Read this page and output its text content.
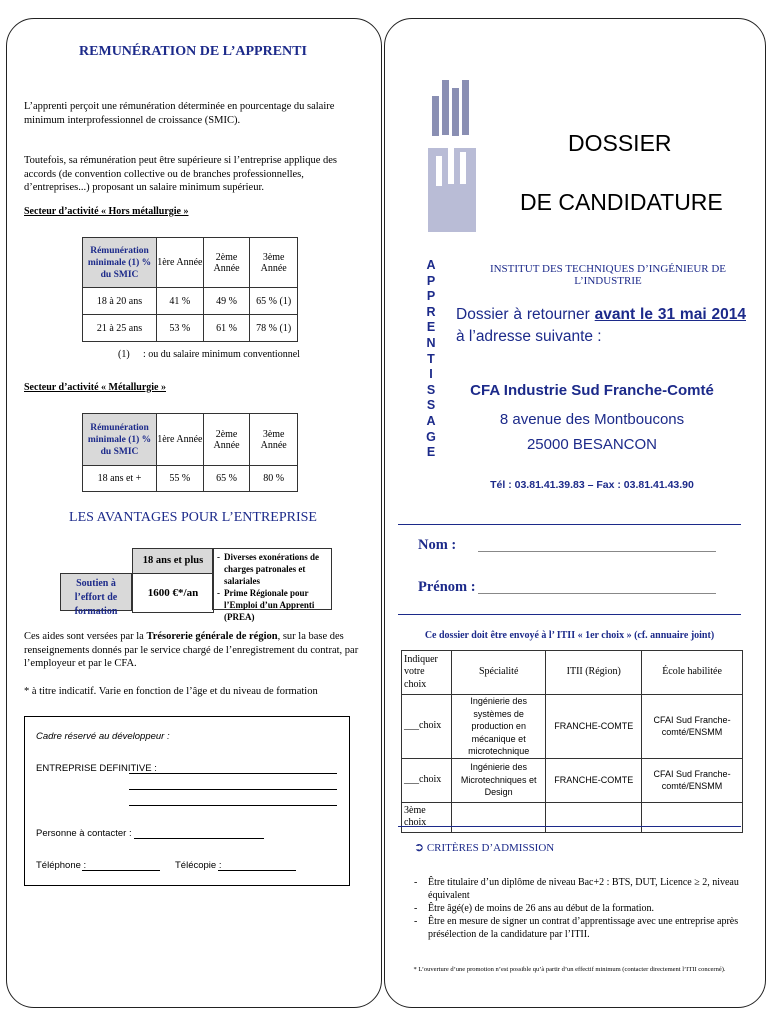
REMUNÉRATION DE L’APPRENTI
L’apprenti perçoit une rémunération déterminée en pourcentage du salaire minimum interprofessionnel de croissance (SMIC).
Toutefois, sa rémunération peut être supérieure si l’entreprise applique des accords (de convention collective ou de branches professionnelles, d’entreprises...) proposant un salaire minimum supérieur.
Secteur d’activité « Hors métallurgie »
Rémunération minimale (1) % du SMIC	1ère Année	2ème Année	3ème Année
18 à 20 ans	41 %	49 %	65 % (1)
21 à 25 ans	53 %	61 %	78 % (1)
(1) : ou du salaire minimum conventionnel
Secteur d’activité « Métallurgie »
Rémunération minimale (1) % du SMIC	1ère Année	2ème Année	3ème Année
18 ans et +	55 %	65 %	80 %
LES AVANTAGES POUR L’ENTREPRISE
18 ans et plus
Soutien à l’effort de formation
1600 €*/an
- Diverses exonérations de charges patronales et salariales
- Prime Régionale pour l’Emploi d’un Apprenti (PREA)
Ces aides sont versées par la Trésorerie générale de région, sur la base des renseignements donnés par le service chargé de l’enregistrement du contrat, par l’employeur et par le CFA.
* à titre indicatif. Varie en fonction de l’âge et du niveau de formation
Cadre réservé au développeur :
ENTREPRISE DEFINITIVE :
Personne à contacter :
Téléphone :	Télécopie :
DOSSIER
DE CANDIDATURE
A
P
P
R
E
N
T
I
S
S
A
G
E
INSTITUT DES TECHNIQUES D’INGÉNIEUR DE L’INDUSTRIE
Dossier à retourner avant le 31 mai 2014 à l’adresse suivante :
CFA Industrie Sud Franche-Comté
8 avenue des Montboucons
25000 BESANCON
Tél : 03.81.41.39.83 – Fax : 03.81.41.43.90
Nom :
Prénom :
Ce dossier doit être envoyé à l’ ITII « 1er choix » (cf. annuaire joint)
Indiquer votre choix	Spécialité	ITII (Région)	École habilitée
___choix	Ingénierie des systèmes de production en mécanique et microtechnique	FRANCHE-COMTE	CFAI Sud Franche-comté/ENSMM
___choix	Ingénierie des Microtechniques et Design	FRANCHE-COMTE	CFAI Sud Franche-comté/ENSMM
3ème choix			
➲ CRITÈRES D’ADMISSION
-	Être titulaire d’un diplôme de niveau Bac+2 : BTS, DUT, Licence ≥ 2, niveau équivalent
-	Être âgé(e) de moins de 26 ans au début de la formation.
-	Être en mesure de signer un contrat d’apprentissage avec une entreprise après présélection de la candidature par l’ITII.
* L’ouverture d’une promotion n’est possible qu’à partir d’un effectif minimum (contacter directement l’ITII concerné).
